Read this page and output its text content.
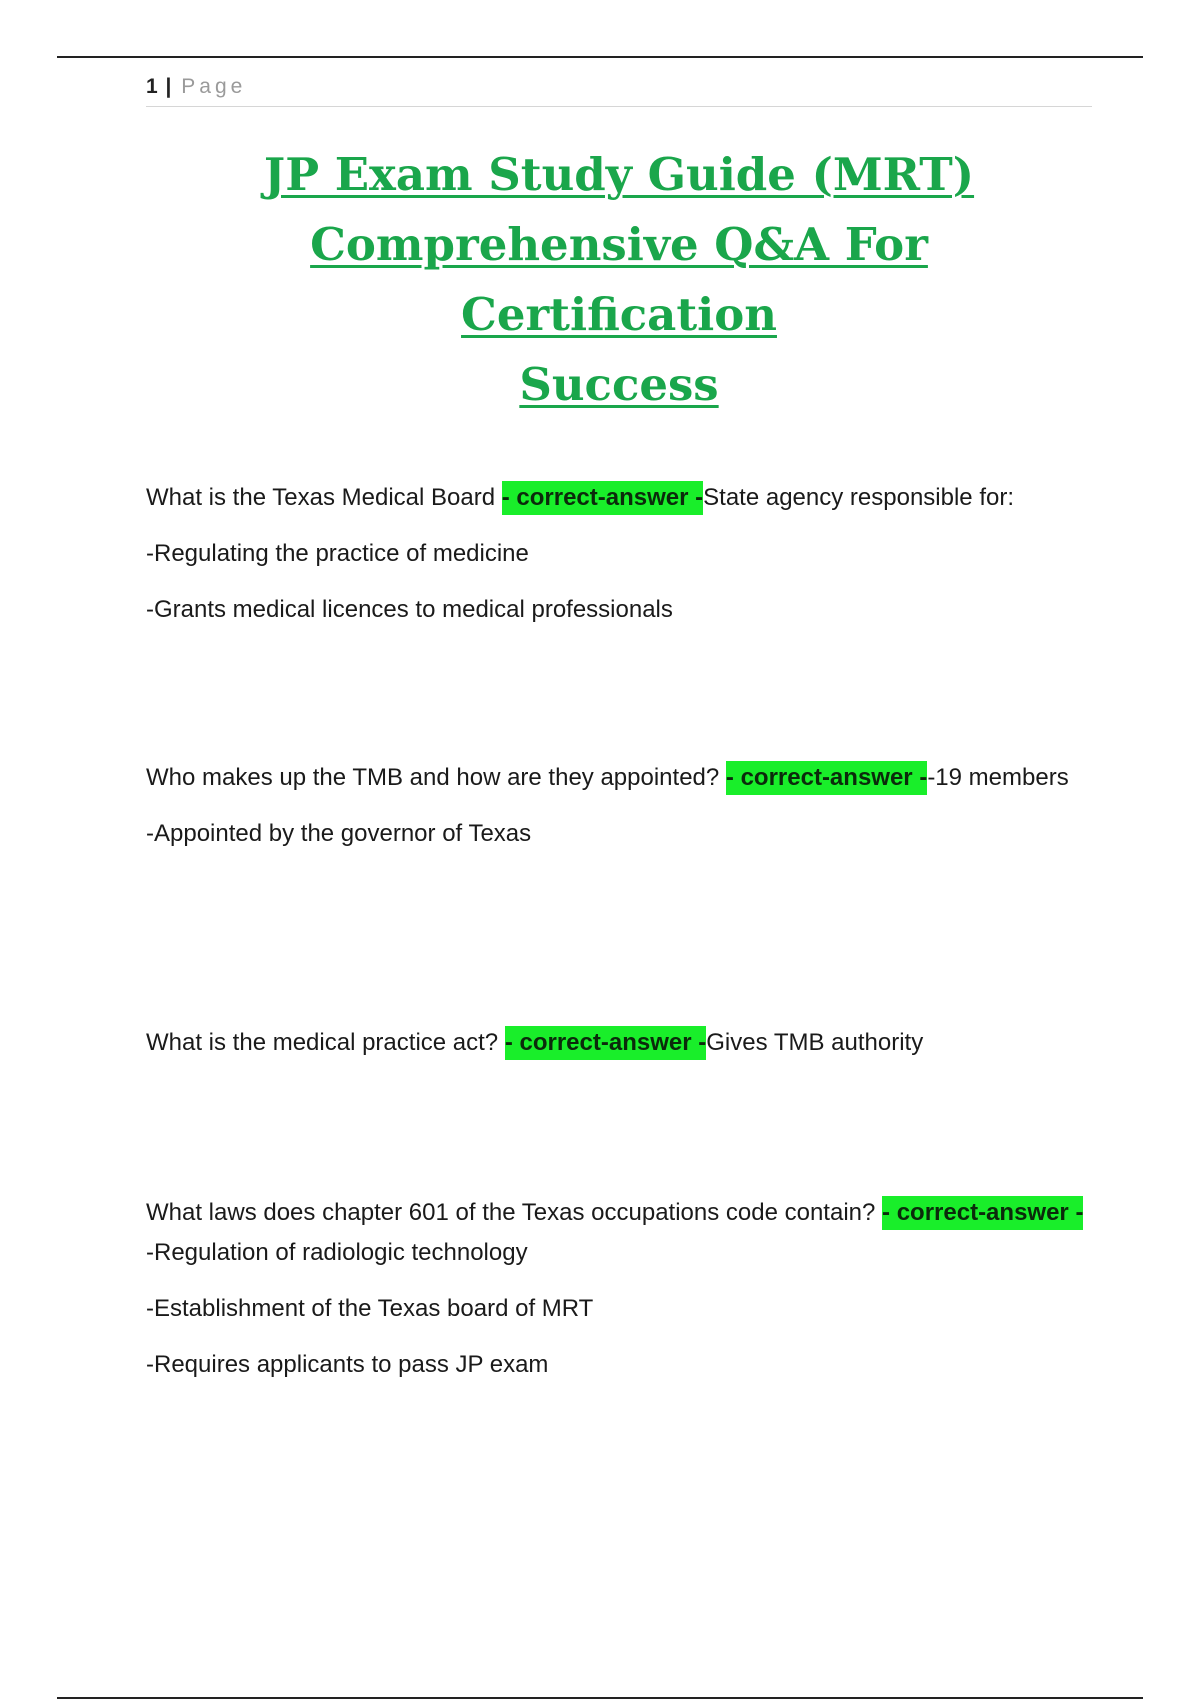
1 | Page
JP Exam Study Guide (MRT)
Comprehensive Q&A For Certification
Success

What is the Texas Medical Board - correct-answer -State agency responsible for:

-Regulating the practice of medicine

-Grants medical licences to medical professionals

Who makes up the TMB and how are they appointed? - correct-answer --19 members

-Appointed by the governor of Texas

What is the medical practice act? - correct-answer -Gives TMB authority

What laws does chapter 601 of the Texas occupations code contain? - correct-answer --Regulation of radiologic technology

-Establishment of the Texas board of MRT

-Requires applicants to pass JP exam
